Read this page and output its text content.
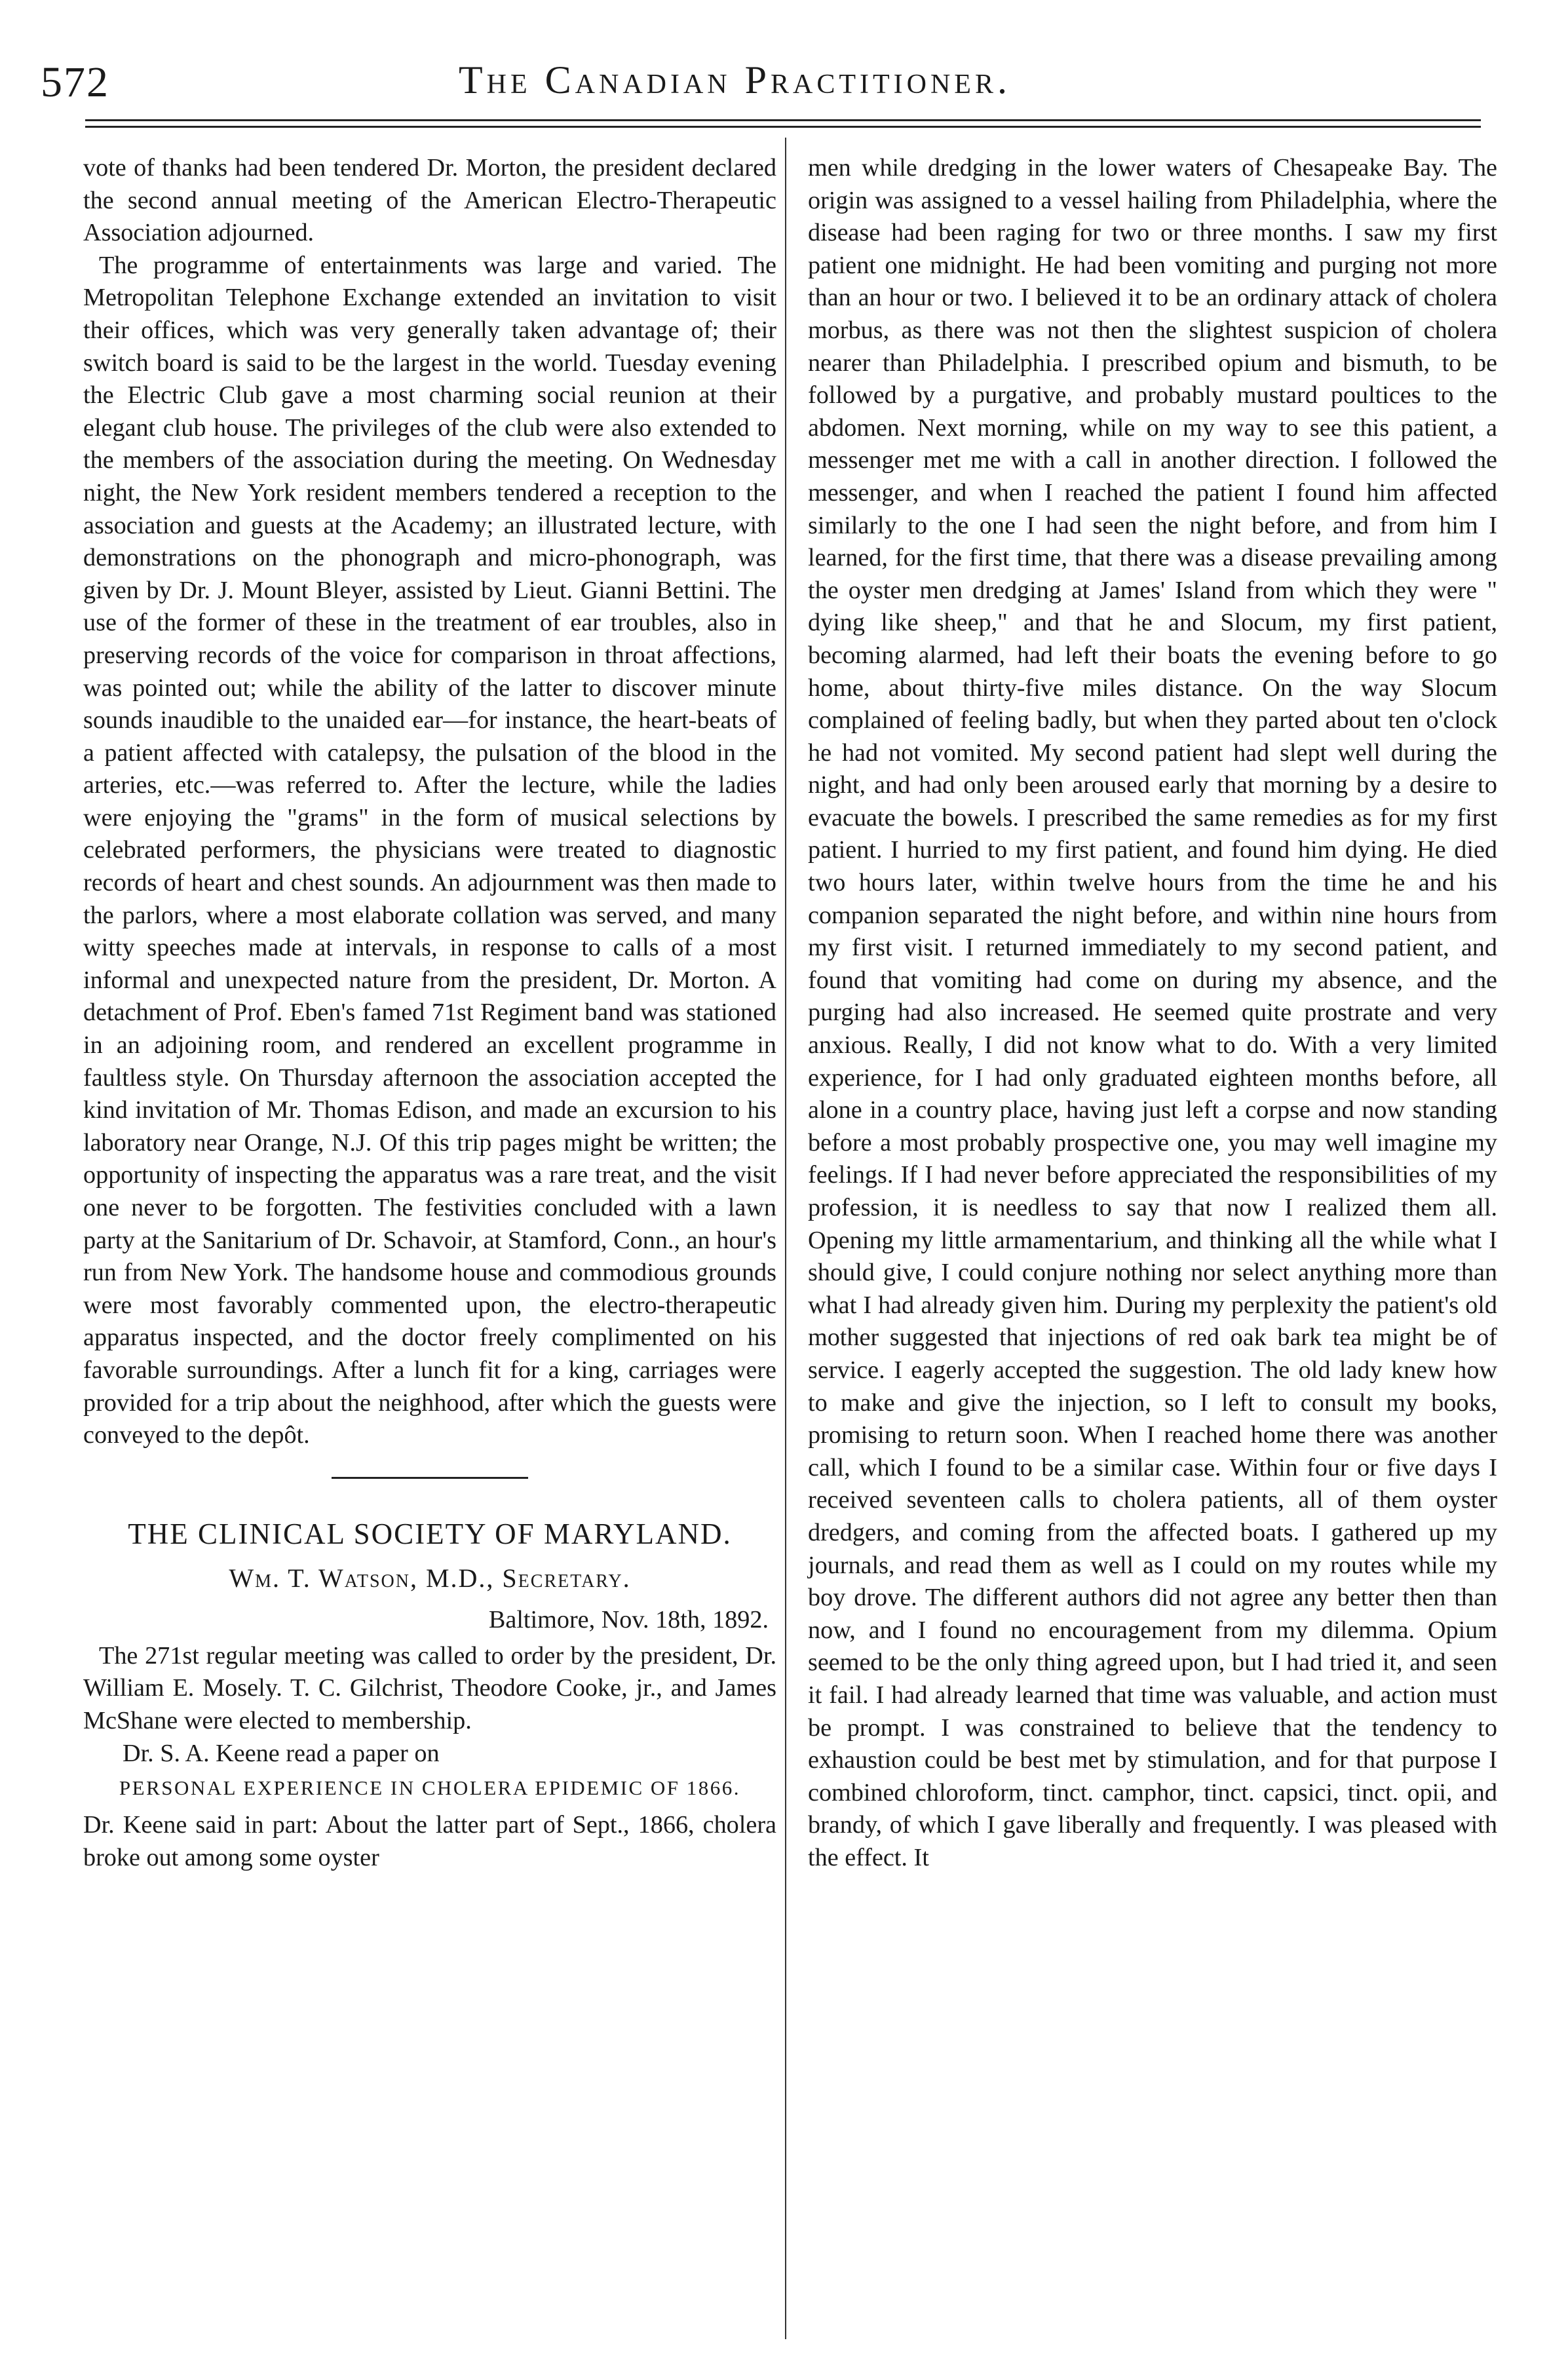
572	The Canadian Practitioner.

vote of thanks had been tendered Dr. Morton, the president declared the second annual meeting of the American Electro-Therapeutic Association adjourned.

The programme of entertainments was large and varied. The Metropolitan Telephone Exchange extended an invitation to visit their offices, which was very generally taken advantage of; their switch board is said to be the largest in the world. Tuesday evening the Electric Club gave a most charming social reunion at their elegant club house. The privileges of the club were also extended to the members of the association during the meeting. On Wednesday night, the New York resident members tendered a reception to the association and guests at the Academy; an illustrated lecture, with demonstrations on the phonograph and micro-phonograph, was given by Dr. J. Mount Bleyer, assisted by Lieut. Gianni Bettini. The use of the former of these in the treatment of ear troubles, also in preserving records of the voice for comparison in throat affections, was pointed out; while the ability of the latter to discover minute sounds inaudible to the unaided ear—for instance, the heart-beats of a patient affected with catalepsy, the pulsation of the blood in the arteries, etc.—was referred to. After the lecture, while the ladies were enjoying the "grams" in the form of musical selections by celebrated performers, the physicians were treated to diagnostic records of heart and chest sounds. An adjournment was then made to the parlors, where a most elaborate collation was served, and many witty speeches made at intervals, in response to calls of a most informal and unexpected nature from the president, Dr. Morton. A detachment of Prof. Eben's famed 71st Regiment band was stationed in an adjoining room, and rendered an excellent programme in faultless style. On Thursday afternoon the association accepted the kind invitation of Mr. Thomas Edison, and made an excursion to his laboratory near Orange, N.J. Of this trip pages might be written; the opportunity of inspecting the apparatus was a rare treat, and the visit one never to be forgotten. The festivities concluded with a lawn party at the Sanitarium of Dr. Schavoir, at Stamford, Conn., an hour's run from New York. The handsome house and commodious grounds were most favorably commented upon, the electro-therapeutic apparatus inspected, and the doctor freely complimented on his favorable surroundings. After a lunch fit for a king, carriages were provided for a trip about the neighhood, after which the guests were conveyed to the depôt.

THE CLINICAL SOCIETY OF MARYLAND.

Wm. T. Watson, M.D., Secretary.

Baltimore, Nov. 18th, 1892.

The 271st regular meeting was called to order by the president, Dr. William E. Mosely. T. C. Gilchrist, Theodore Cooke, jr., and James McShane were elected to membership.

Dr. S. A. Keene read a paper on

PERSONAL EXPERIENCE IN CHOLERA EPIDEMIC OF 1866.

Dr. Keene said in part: About the latter part of Sept., 1866, cholera broke out among some oyster

men while dredging in the lower waters of Chesapeake Bay. The origin was assigned to a vessel hailing from Philadelphia, where the disease had been raging for two or three months. I saw my first patient one midnight. He had been vomiting and purging not more than an hour or two. I believed it to be an ordinary attack of cholera morbus, as there was not then the slightest suspicion of cholera nearer than Philadelphia. I prescribed opium and bismuth, to be followed by a purgative, and probably mustard poultices to the abdomen. Next morning, while on my way to see this patient, a messenger met me with a call in another direction. I followed the messenger, and when I reached the patient I found him affected similarly to the one I had seen the night before, and from him I learned, for the first time, that there was a disease prevailing among the oyster men dredging at James' Island from which they were " dying like sheep," and that he and Slocum, my first patient, becoming alarmed, had left their boats the evening before to go home, about thirty-five miles distance. On the way Slocum complained of feeling badly, but when they parted about ten o'clock he had not vomited. My second patient had slept well during the night, and had only been aroused early that morning by a desire to evacuate the bowels. I prescribed the same remedies as for my first patient. I hurried to my first patient, and found him dying. He died two hours later, within twelve hours from the time he and his companion separated the night before, and within nine hours from my first visit. I returned immediately to my second patient, and found that vomiting had come on during my absence, and the purging had also increased. He seemed quite prostrate and very anxious. Really, I did not know what to do. With a very limited experience, for I had only graduated eighteen months before, all alone in a country place, having just left a corpse and now standing before a most probably prospective one, you may well imagine my feelings. If I had never before appreciated the responsibilities of my profession, it is needless to say that now I realized them all. Opening my little armamentarium, and thinking all the while what I should give, I could conjure nothing nor select anything more than what I had already given him. During my perplexity the patient's old mother suggested that injections of red oak bark tea might be of service. I eagerly accepted the suggestion. The old lady knew how to make and give the injection, so I left to consult my books, promising to return soon. When I reached home there was another call, which I found to be a similar case. Within four or five days I received seventeen calls to cholera patients, all of them oyster dredgers, and coming from the affected boats. I gathered up my journals, and read them as well as I could on my routes while my boy drove. The different authors did not agree any better then than now, and I found no encouragement from my dilemma. Opium seemed to be the only thing agreed upon, but I had tried it, and seen it fail. I had already learned that time was valuable, and action must be prompt. I was constrained to believe that the tendency to exhaustion could be best met by stimulation, and for that purpose I combined chloroform, tinct. camphor, tinct. capsici, tinct. opii, and brandy, of which I gave liberally and frequently. I was pleased with the effect. It
